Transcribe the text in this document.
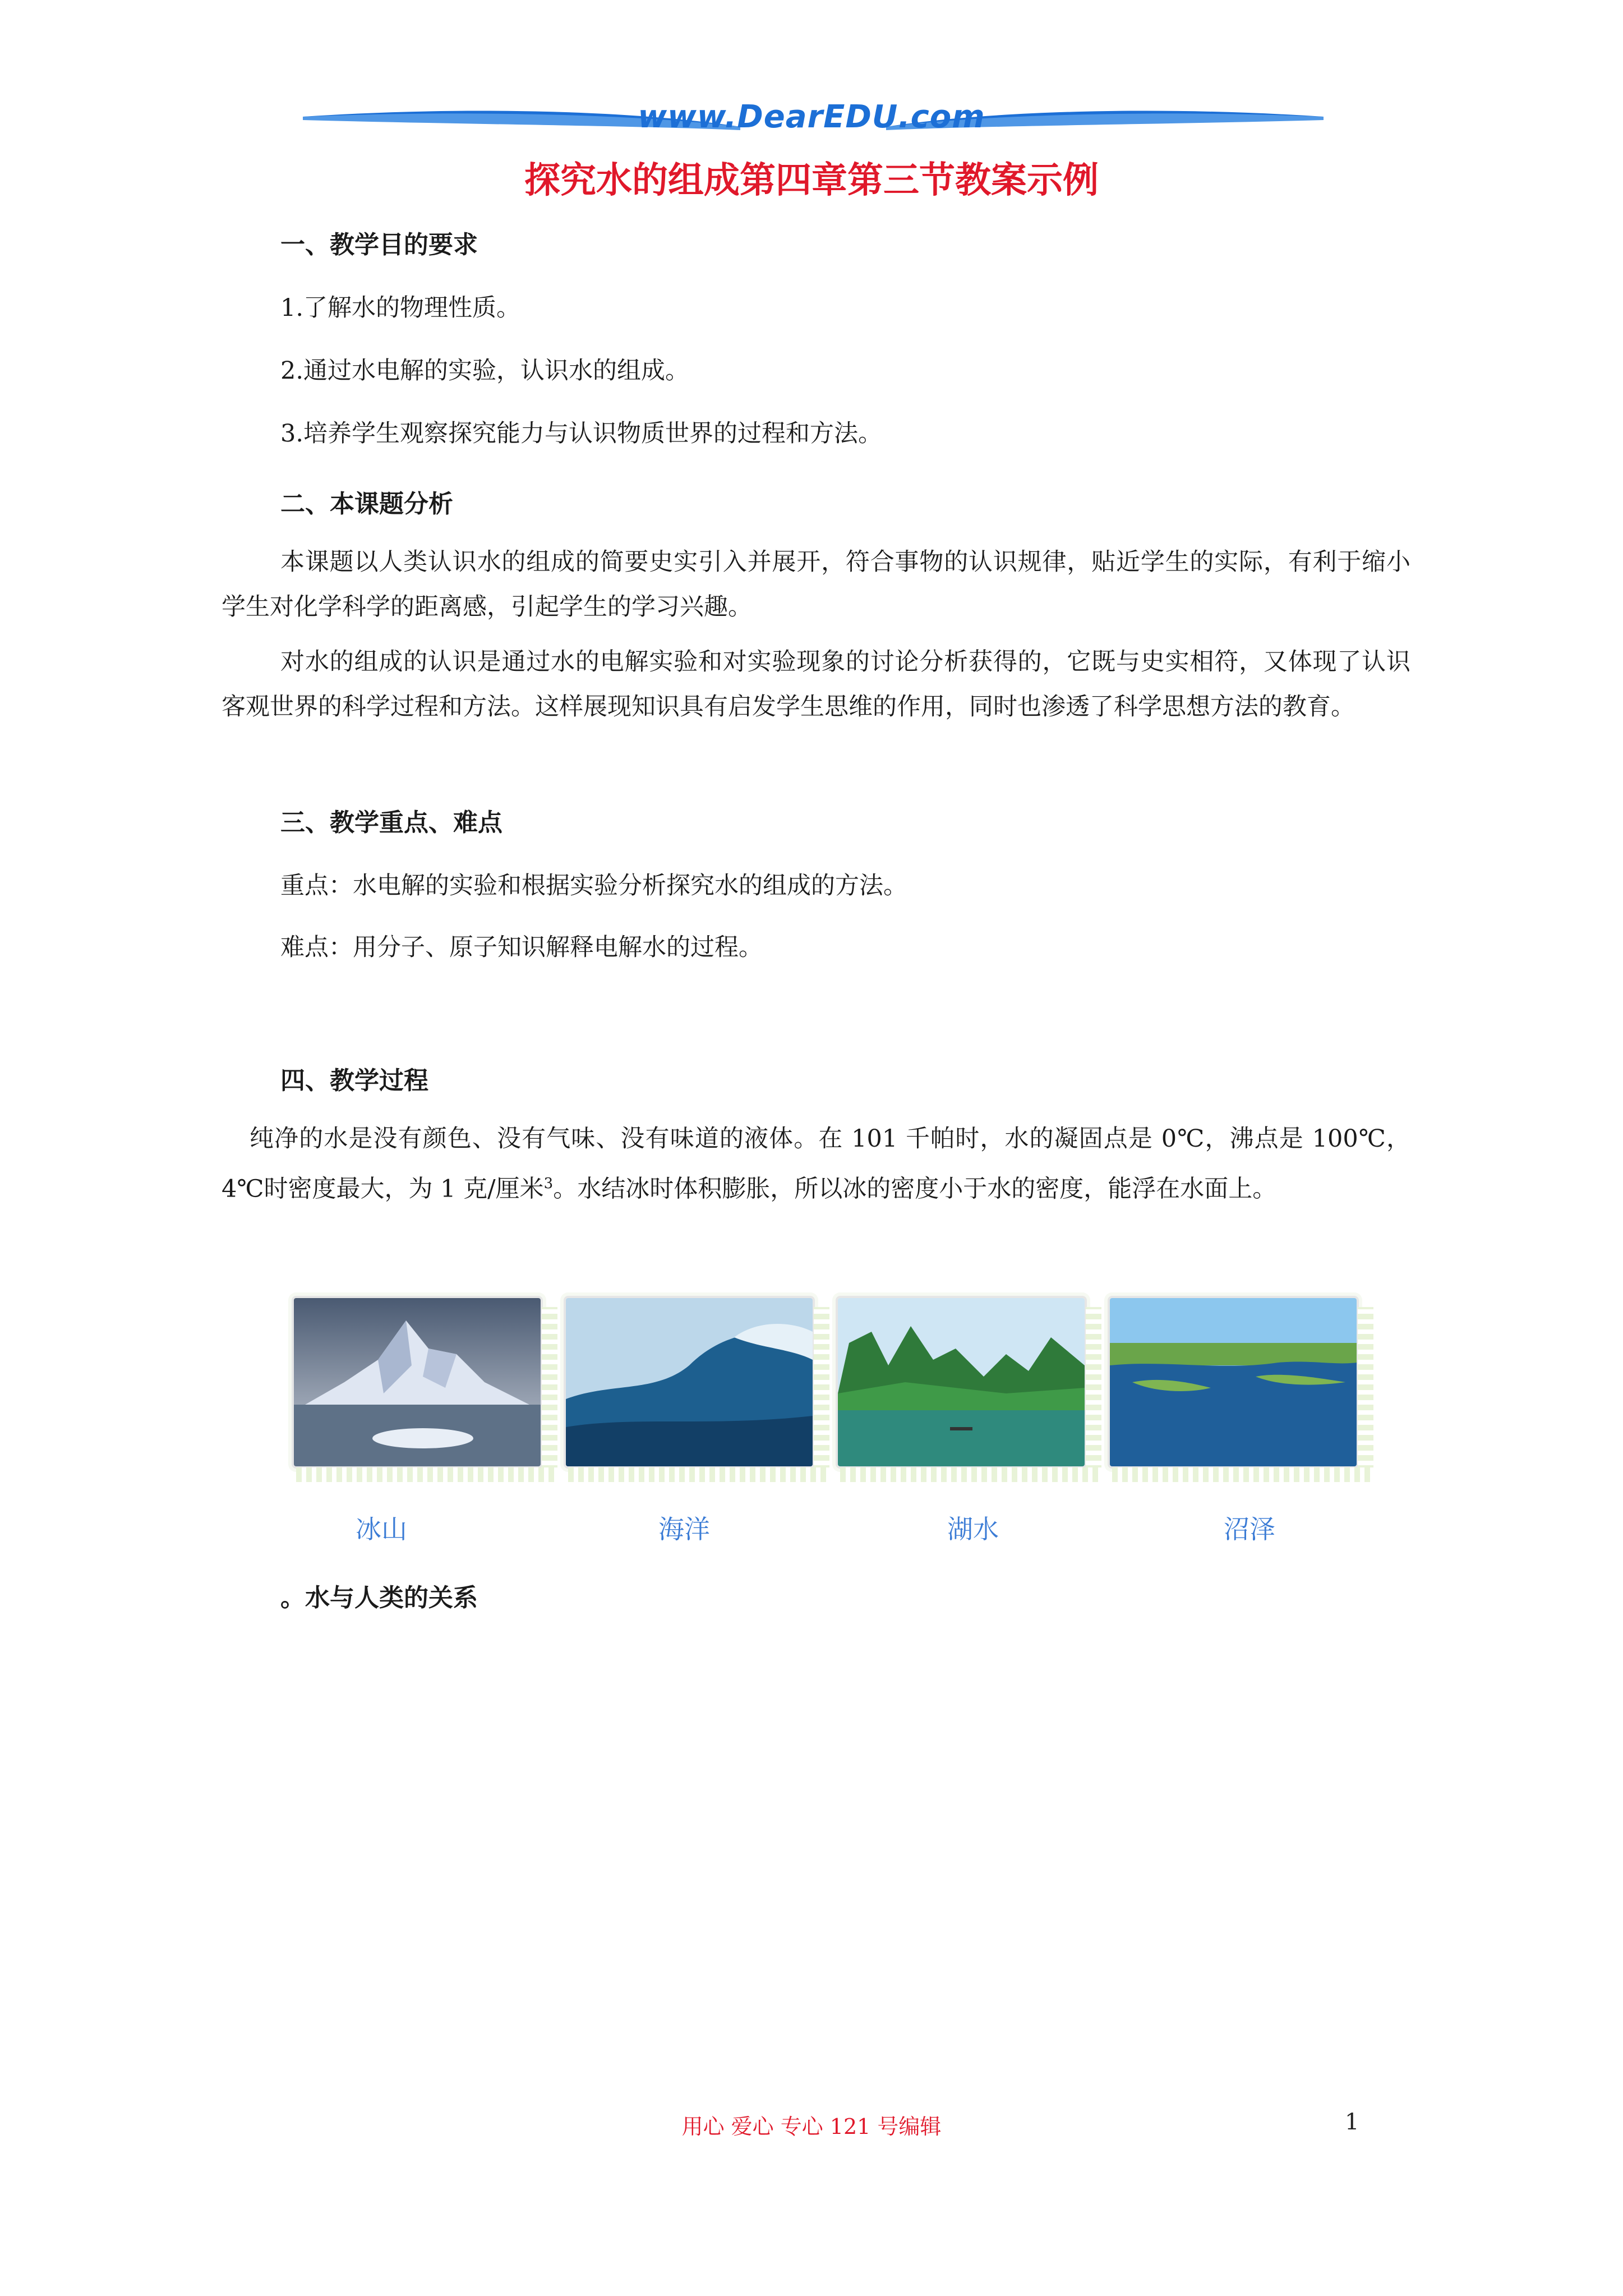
www.DearEDU.com
探究水的组成第四章第三节教案示例
一、教学目的要求
1.了解水的物理性质。
2.通过水电解的实验，认识水的组成。
3.培养学生观察探究能力与认识物质世界的过程和方法。
二、本课题分析
本课题以人类认识水的组成的简要史实引入并展开，符合事物的认识规律，贴近学生的实际，有利于缩小学生对化学科学的距离感，引起学生的学习兴趣。
对水的组成的认识是通过水的电解实验和对实验现象的讨论分析获得的，它既与史实相符，又体现了认识客观世界的科学过程和方法。这样展现知识具有启发学生思维的作用，同时也渗透了科学思想方法的教育。
三、教学重点、难点
重点：水电解的实验和根据实验分析探究水的组成的方法。
难点：用分子、原子知识解释电解水的过程。
四、教学过程
纯净的水是没有颜色、没有气味、没有味道的液体。在 101 千帕时，水的凝固点是 0℃，沸点是 100℃，4℃时密度最大，为 1 克/厘米$^3$。水结冰时体积膨胀，所以冰的密度小于水的密度，能浮在水面上。
冰山	海洋	湖水	沼泽
。水与人类的关系
用心 爱心 专心 121 号编辑	1
